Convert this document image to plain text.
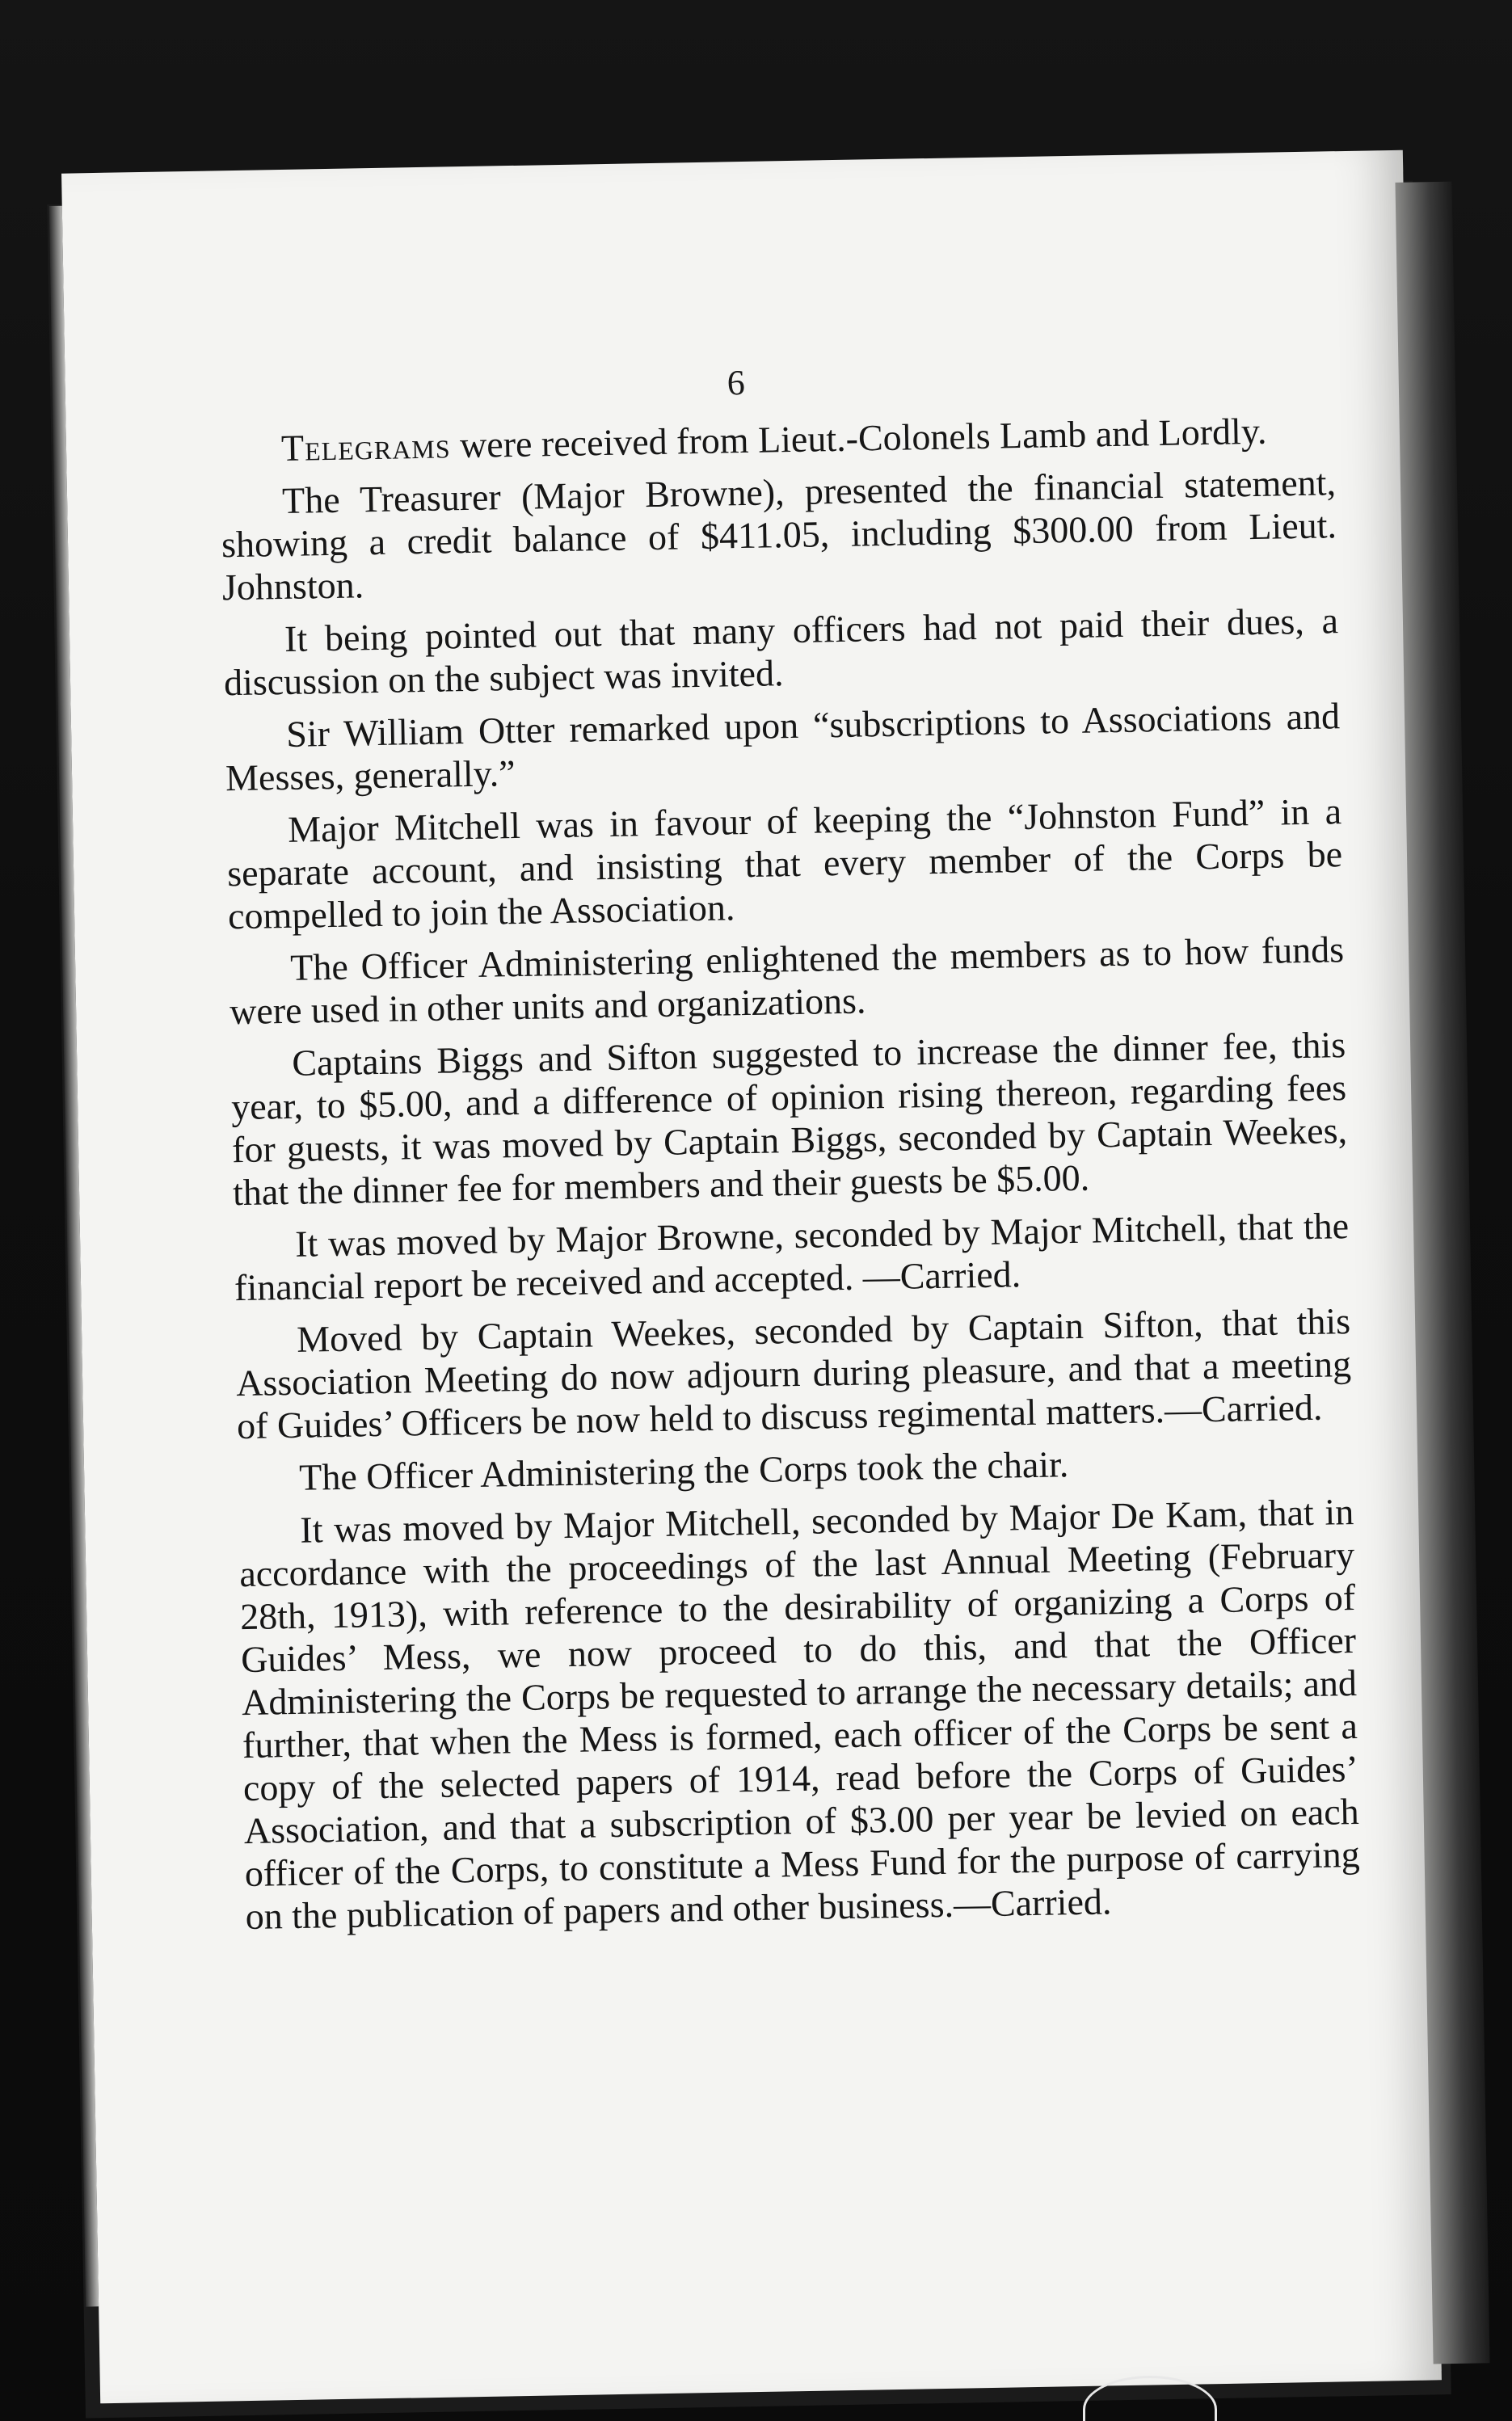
6

Telegrams were received from Lieut.-Colonels Lamb and Lordly.

The Treasurer (Major Browne), presented the financial statement, showing a credit balance of $411.05, including $300.00 from Lieut. Johnston.

It being pointed out that many officers had not paid their dues, a discussion on the subject was invited.

Sir William Otter remarked upon “subscriptions to Associations and Messes, generally.”

Major Mitchell was in favour of keeping the “Johnston Fund” in a separate account, and insisting that every member of the Corps be compelled to join the Association.

The Officer Administering enlightened the members as to how funds were used in other units and organizations.

Captains Biggs and Sifton suggested to increase the dinner fee, this year, to $5.00, and a difference of opinion rising thereon, regarding fees for guests, it was moved by Captain Biggs, seconded by Captain Weekes, that the dinner fee for members and their guests be $5.00.

It was moved by Major Browne, seconded by Major Mitchell, that the financial report be received and accepted. —Carried.

Moved by Captain Weekes, seconded by Captain Sifton, that this Association Meeting do now adjourn during pleasure, and that a meeting of Guides’ Officers be now held to discuss regimental matters.—Carried.

The Officer Administering the Corps took the chair.

It was moved by Major Mitchell, seconded by Major De Kam, that in accordance with the proceedings of the last Annual Meeting (February 28th, 1913), with reference to the desirability of organizing a Corps of Guides’ Mess, we now proceed to do this, and that the Officer Administering the Corps be requested to arrange the necessary details; and further, that when the Mess is formed, each officer of the Corps be sent a copy of the selected papers of 1914, read before the Corps of Guides’ Association, and that a subscription of $3.00 per year be levied on each officer of the Corps, to constitute a Mess Fund for the purpose of carrying on the publication of papers and other business.—Carried.
